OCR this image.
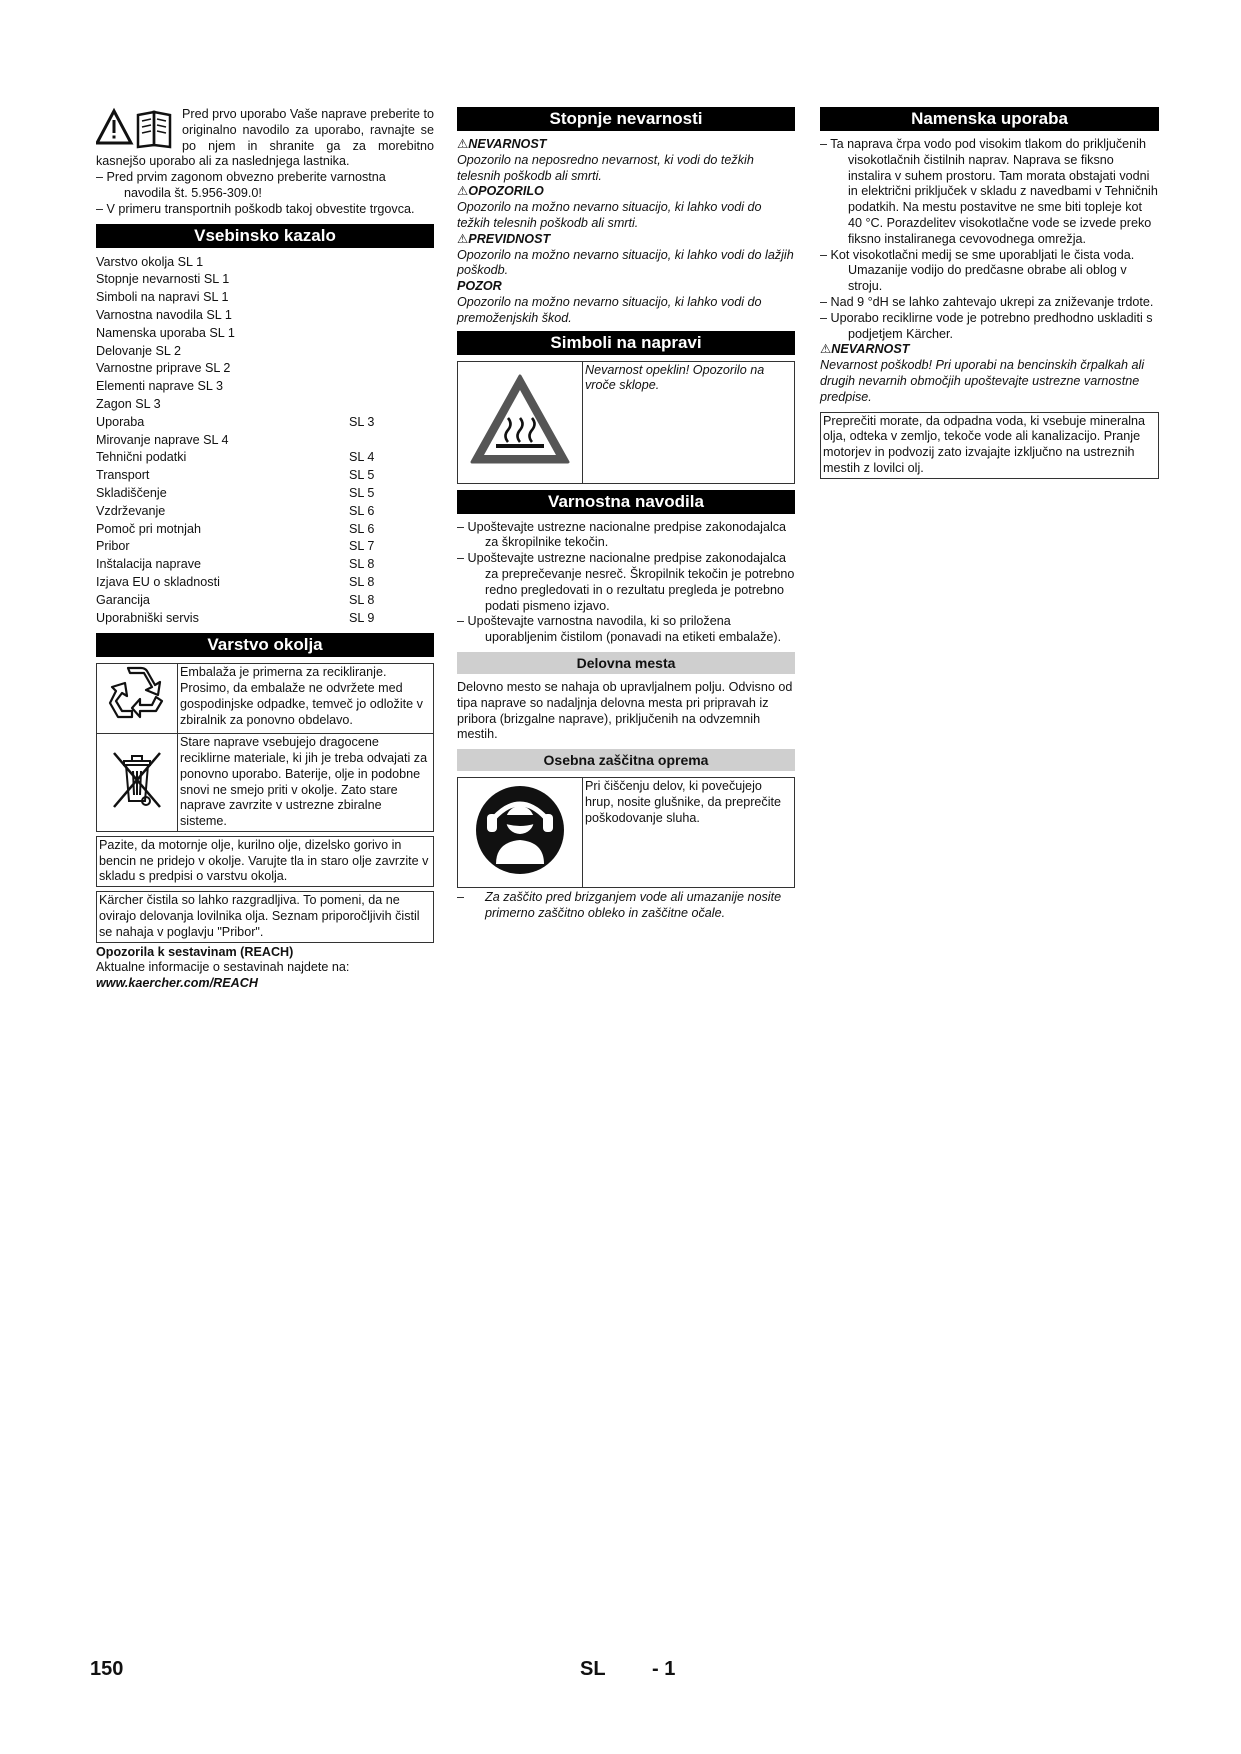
Pred prvo uporabo Vaše naprave preberite to originalno navodilo za uporabo, ravnajte se po njem in shranite ga za morebitno kasnejšo uporabo ali za naslednjega lastnika.

– Pred prvim zagonom obvezno preberite varnostna navodila št. 5.956-309.0!

– V primeru transportnih poškodb takoj obvestite trgovca.

Vsebinsko kazalo
Varstvo okolja SL 1
Stopnje nevarnosti SL 1
Simboli na napravi SL 1
Varnostna navodila SL 1
Namenska uporaba SL 1
Delovanje SL 2
Varnostne priprave SL 2
Elementi naprave SL 3
Zagon SL 3
Uporaba	SL 3
Mirovanje naprave SL 4
Tehnični podatki	SL 4
Transport	SL 5
Skladiščenje	SL 5
Vzdrževanje	SL 6
Pomoč pri motnjah	SL 6
Pribor	SL 7
Inštalacija naprave	SL 8
Izjava EU o skladnosti	SL 8
Garancija	SL 8
Uporabniški servis	SL 9
Varstvo okolja
	Embalaža je primerna za recikliranje. Prosimo, da embalaže ne odvržete med gospodinjske odpadke, temveč jo odložite v zbiralnik za ponovno obdelavo.
	Stare naprave vsebujejo dragocene reciklirne materiale, ki jih je treba odvajati za ponovno uporabo. Baterije, olje in podobne snovi ne smejo priti v okolje. Zato stare naprave zavrzite v ustrezne zbiralne sisteme.
Pazite, da motornje olje, kurilno olje, dizelsko gorivo in bencin ne pridejo v okolje. Varujte tla in staro olje zavrzite v skladu s predpisi o varstvu okolja.
Kärcher čistila so lahko razgradljiva. To pomeni, da ne ovirajo delovanja lovilnika olja. Seznam priporočljivih čistil se nahaja v poglavju "Pribor".

Opozorila k sestavinam (REACH)

Aktualne informacije o sestavinah najdete na:

www.kaercher.com/REACH

Stopnje nevarnosti

⚠NEVARNOST

Opozorilo na neposredno nevarnost, ki vodi do težkih telesnih poškodb ali smrti.

⚠OPOZORILO

Opozorilo na možno nevarno situacijo, ki lahko vodi do težkih telesnih poškodb ali smrti.

⚠PREVIDNOST

Opozorilo na možno nevarno situacijo, ki lahko vodi do lažjih poškodb.

POZOR

Opozorilo na možno nevarno situacijo, ki lahko vodi do premoženjskih škod.

Simboli na napravi
	Nevarnost opeklin! Opozorilo na vroče sklope.
Varnostna navodila

– Upoštevajte ustrezne nacionalne predpise zakonodajalca za škropilnike tekočin.

– Upoštevajte ustrezne nacionalne predpise zakonodajalca za preprečevanje nesreč. Škropilnik tekočin je potrebno redno pregledovati in o rezultatu pregleda je potrebno podati pismeno izjavo.

– Upoštevajte varnostna navodila, ki so priložena uporabljenim čistilom (ponavadi na etiketi embalaže).

Delovna mesta

Delovno mesto se nahaja ob upravljalnem polju. Odvisno od tipa naprave so nadaljnja delovna mesta pri pripravah iz pribora (brizgalne naprave), priključenih na odvzemnih mestih.

Osebna zaščitna oprema
	Pri čiščenju delov, ki povečujejo hrup, nosite glušnike, da preprečite poškodovanje sluha.
–	Za zaščito pred brizganjem vode ali umazanije nosite primerno zaščitno obleko in zaščitne očale.
Namenska uporaba

– Ta naprava črpa vodo pod visokim tlakom do priključenih visokotlačnih čistilnih naprav. Naprava se fiksno instalira v suhem prostoru. Tam morata obstajati vodni in električni priključek v skladu z navedbami v Tehničnih podatkih. Na mestu postavitve ne sme biti topleje kot 40 °C. Porazdelitev visokotlačne vode se izvede preko fiksno instaliranega cevovodnega omrežja.

– Kot visokotlačni medij se sme uporabljati le čista voda. Umazanije vodijo do predčasne obrabe ali oblog v stroju.

– Nad 9 °dH se lahko zahtevajo ukrepi za zniževanje trdote.

– Uporabo reciklirne vode je potrebno predhodno uskladiti s podjetjem Kärcher.

⚠NEVARNOST

Nevarnost poškodb! Pri uporabi na bencinskih črpalkah ali drugih nevarnih območjih upoštevajte ustrezne varnostne predpise.

Preprečiti morate, da odpadna voda, ki vsebuje mineralna olja, odteka v zemljo, tekoče vode ali kanalizacijo. Pranje motorjev in podvozij zato izvajajte izključno na ustreznih mestih z lovilci olj.
150	SL - 1
